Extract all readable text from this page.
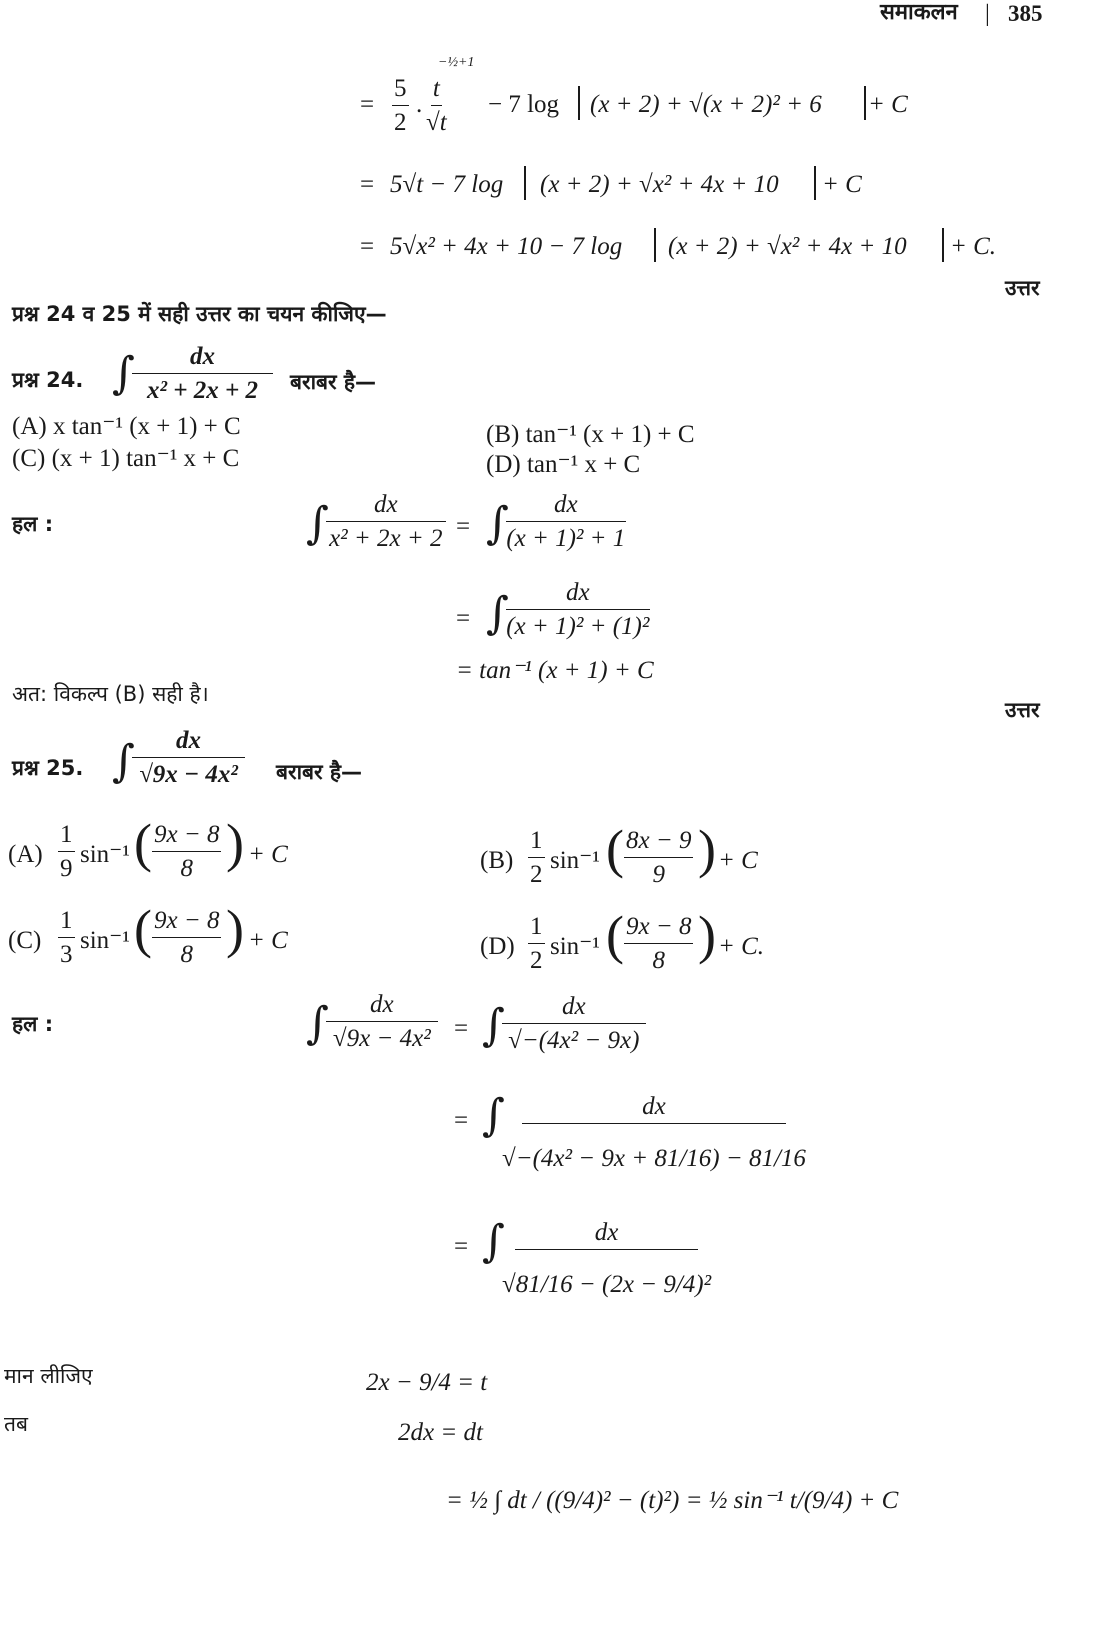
समाकलन | 385
= $\frac{5}{2}$ . $\frac{t}{√t}$
−½+1
− 7 log (x + 2) + √(x + 2)² + 6 + C
= 5√t − 7 log (x + 2) + √x² + 4x + 10 + C
= 5√x² + 4x + 10 − 7 log (x + 2) + √x² + 4x + 10 + C.
उत्तर
प्रश्न 24 व 25 में सही उत्तर का चयन कीजिए—
प्रश्न 24. ∫
$\frac{dx}{\text{x² + 2x + 2}}$ बराबर है—
(A) x tan⁻¹ (x + 1) + C	(B) tan⁻¹ (x + 1) + C
(C) (x + 1) tan⁻¹ x + C	(D) tan⁻¹ x + C
हल :	∫
$\frac{dx}{\text{x² + 2x + 2}}$ = ∫
$\frac{dx}{\text{(x + 1)² + 1}}$
= ∫
$\frac{dx}{\text{(x + 1)² + (1)²}}$
= tan⁻¹ (x + 1) + C
अत: विकल्प (B) सही है।
उत्तर
प्रश्न 25. ∫
$\frac{dx}{\text{√9x − 4x²}}$ बराबर है—
$(A) \frac{1}{9} \sin^{-1}$ ( $\frac{9x - 8}{8}$ ) + C	$(B) \frac{1}{2} \sin^{-1}$ ( $\frac{8x - 9}{9}$ ) + C
$(C) \frac{1}{3} \sin^{-1}$ ( $\frac{9x - 8}{8}$ ) + C	$(D) \frac{1}{2} \sin^{-1}$ ( $\frac{9x - 8}{8}$ ) + C.
हल :	∫
$\frac{dx}{\text{√9x − 4x²}}$ = ∫
$\frac{dx}{\text{√−(4x² − 9x)}}$
= ∫
$\frac{dx}{\text{√−(4x² − 9x + 81/16) − 81/16}}$
= ∫
$\frac{dx}{\text{√81/16 − (2x − 9/4)²}}$
मान लीजिए	2x − 9/4 = t
तब	2dx = dt
= ½ ∫ dt / ((9/4)² − (t)²) = ½ sin⁻¹ t/(9/4) + C
